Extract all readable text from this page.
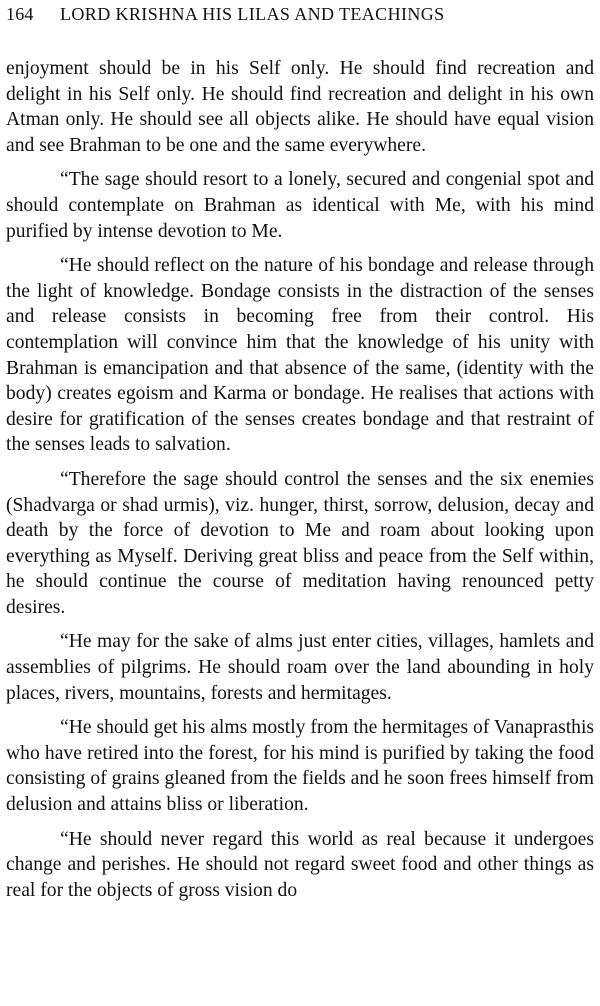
164 LORD KRISHNA HIS LILAS AND TEACHINGS

enjoyment should be in his Self only. He should find recreation and delight in his Self only. He should find recreation and delight in his own Atman only. He should see all objects alike. He should have equal vision and see Brahman to be one and the same everywhere.

“The sage should resort to a lonely, secured and congenial spot and should contemplate on Brahman as identical with Me, with his mind purified by intense devotion to Me.

“He should reflect on the nature of his bondage and release through the light of knowledge. Bondage consists in the distraction of the senses and release consists in becoming free from their control. His contemplation will convince him that the knowledge of his unity with Brahman is emancipation and that absence of the same, (identity with the body) creates egoism and Karma or bondage. He realises that actions with desire for gratification of the senses creates bondage and that restraint of the senses leads to salvation.

“Therefore the sage should control the senses and the six enemies (Shadvarga or shad urmis), viz. hunger, thirst, sorrow, delusion, decay and death by the force of devotion to Me and roam about looking upon everything as Myself. Deriving great bliss and peace from the Self within, he should continue the course of meditation having renounced petty desires.

“He may for the sake of alms just enter cities, villages, hamlets and assemblies of pilgrims. He should roam over the land abounding in holy places, rivers, mountains, forests and hermitages.

“He should get his alms mostly from the hermitages of Vanaprasthis who have retired into the forest, for his mind is purified by taking the food consisting of grains gleaned from the fields and he soon frees himself from delusion and attains bliss or liberation.

“He should never regard this world as real because it undergoes change and perishes. He should not regard sweet food and other things as real for the objects of gross vision do
